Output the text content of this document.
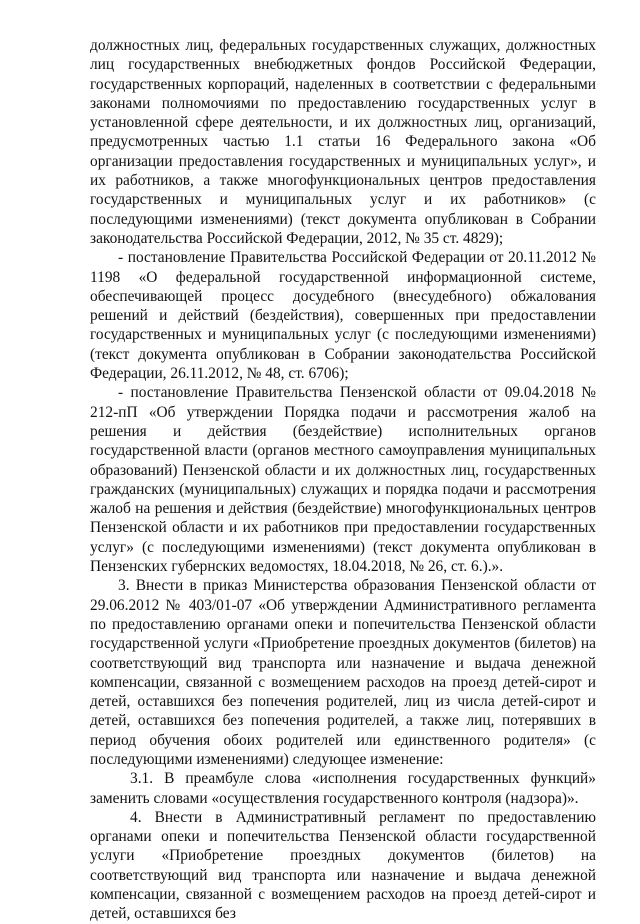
должностных лиц, федеральных государственных служащих, должностных лиц государственных внебюджетных фондов Российской Федерации, государственных корпораций, наделенных в соответствии с федеральными законами полномочиями по предоставлению государственных услуг в установленной сфере деятельности, и их должностных лиц, организаций, предусмотренных частью 1.1 статьи 16 Федерального закона «Об организации предоставления государственных и муниципальных услуг», и их работников, а также многофункциональных центров предоставления государственных и муниципальных услуг и их работников» (с последующими изменениями) (текст документа опубликован в Собрании законодательства Российской Федерации, 2012, № 35 ст. 4829);

- постановление Правительства Российской Федерации от 20.11.2012 № 1198 «О федеральной государственной информационной системе, обеспечивающей процесс досудебного (внесудебного) обжалования решений и действий (бездействия), совершенных при предоставлении государственных и муниципальных услуг (с последующими изменениями) (текст документа опубликован в Собрании законодательства Российской Федерации, 26.11.2012, № 48, ст. 6706);

- постановление Правительства Пензенской области от 09.04.2018 № 212-пП «Об утверждении Порядка подачи и рассмотрения жалоб на решения и действия (бездействие) исполнительных органов государственной власти (органов местного самоуправления муниципальных образований) Пензенской области и их должностных лиц, государственных гражданских (муниципальных) служащих и порядка подачи и рассмотрения жалоб на решения и действия (бездействие) многофункциональных центров Пензенской области и их работников при предоставлении государственных услуг» (с последующими изменениями) (текст документа опубликован в Пензенских губернских ведомостях, 18.04.2018, № 26, ст. 6.).».

3. Внести в приказ Министерства образования Пензенской области от 29.06.2012 № 403/01-07 «Об утверждении Административного регламента по предоставлению органами опеки и попечительства Пензенской области государственной услуги «Приобретение проездных документов (билетов) на соответствующий вид транспорта или назначение и выдача денежной компенсации, связанной с возмещением расходов на проезд детей-сирот и детей, оставшихся без попечения родителей, лиц из числа детей-сирот и детей, оставшихся без попечения родителей, а также лиц, потерявших в период обучения обоих родителей или единственного родителя» (с последующими изменениями) следующее изменение:

3.1. В преамбуле слова «исполнения государственных функций» заменить словами «осуществления государственного контроля (надзора)».

4. Внести в Административный регламент по предоставлению органами опеки и попечительства Пензенской области государственной услуги «Приобретение проездных документов (билетов) на соответствующий вид транспорта или назначение и выдача денежной компенсации, связанной с возмещением расходов на проезд детей-сирот и детей, оставшихся без
